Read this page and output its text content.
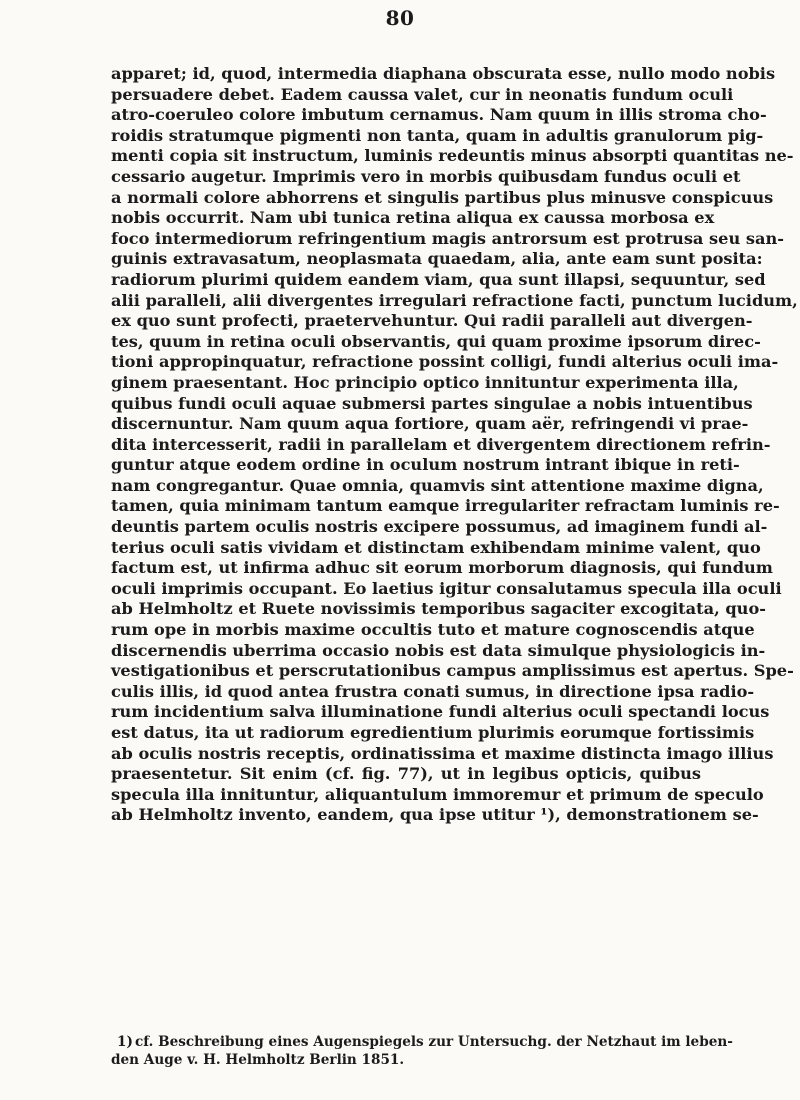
80
apparet; id, quod, intermedia diaphana obscurata esse, nullo modo nobis
persuadere debet. Eadem caussa valet, cur in neonatis fundum oculi
atro-coeruleo colore imbutum cernamus. Nam quum in illis stroma cho-
roidis stratumque pigmenti non tanta, quam in adultis granulorum pig-
menti copia sit instructum, luminis redeuntis minus absorpti quantitas ne-
cessario augetur. Imprimis vero in morbis quibusdam fundus oculi et
a normali colore abhorrens et singulis partibus plus minusve conspicuus
nobis occurrit. Nam ubi tunica retina aliqua ex caussa morbosa ex
foco intermediorum refringentium magis antrorsum est protrusa seu san-
guinis extravasatum, neoplasmata quaedam, alia, ante eam sunt posita:
radiorum plurimi quidem eandem viam, qua sunt illapsi, sequuntur, sed
alii paralleli, alii divergentes irregulari refractione facti, punctum lucidum,
ex quo sunt profecti, praetervehuntur. Qui radii paralleli aut divergen-
tes, quum in retina oculi observantis, qui quam proxime ipsorum direc-
tioni appropinquatur, refractione possint colligi, fundi alterius oculi ima-
ginem praesentant. Hoc principio optico innituntur experimenta illa,
quibus fundi oculi aquae submersi partes singulae a nobis intuentibus
discernuntur. Nam quum aqua fortiore, quam aër, refringendi vi prae-
dita intercesserit, radii in parallelam et divergentem directionem refrin-
guntur atque eodem ordine in oculum nostrum intrant ibique in reti-
nam congregantur. Quae omnia, quamvis sint attentione maxime digna,
tamen, quia minimam tantum eamque irregulariter refractam luminis re-
deuntis partem oculis nostris excipere possumus, ad imaginem fundi al-
terius oculi satis vividam et distinctam exhibendam minime valent, quo
factum est, ut infirma adhuc sit eorum morborum diagnosis, qui fundum
oculi imprimis occupant. Eo laetius igitur consalutamus specula illa oculi
ab Helmholtz et Ruete novissimis temporibus sagaciter excogitata, quo-
rum ope in morbis maxime occultis tuto et mature cognoscendis atque
discernendis uberrima occasio nobis est data simulque physiologicis in-
vestigationibus et perscrutationibus campus amplissimus est apertus. Spe-
culis illis, id quod antea frustra conati sumus, in directione ipsa radio-
rum incidentium salva illuminatione fundi alterius oculi spectandi locus
est datus, ita ut radiorum egredientium plurimis eorumque fortissimis
ab oculis nostris receptis, ordinatissima et maxime distincta imago illius
praesentetur. Sit enim (cf. fig. 77), ut in legibus opticis, quibus
specula illa innituntur, aliquantulum immoremur et primum de speculo
ab Helmholtz invento, eandem, qua ipse utitur ¹), demonstrationem se-
1) cf. Beschreibung eines Augenspiegels zur Untersuchg. der Netzhaut im leben-
den Auge v. H. Helmholtz Berlin 1851.
